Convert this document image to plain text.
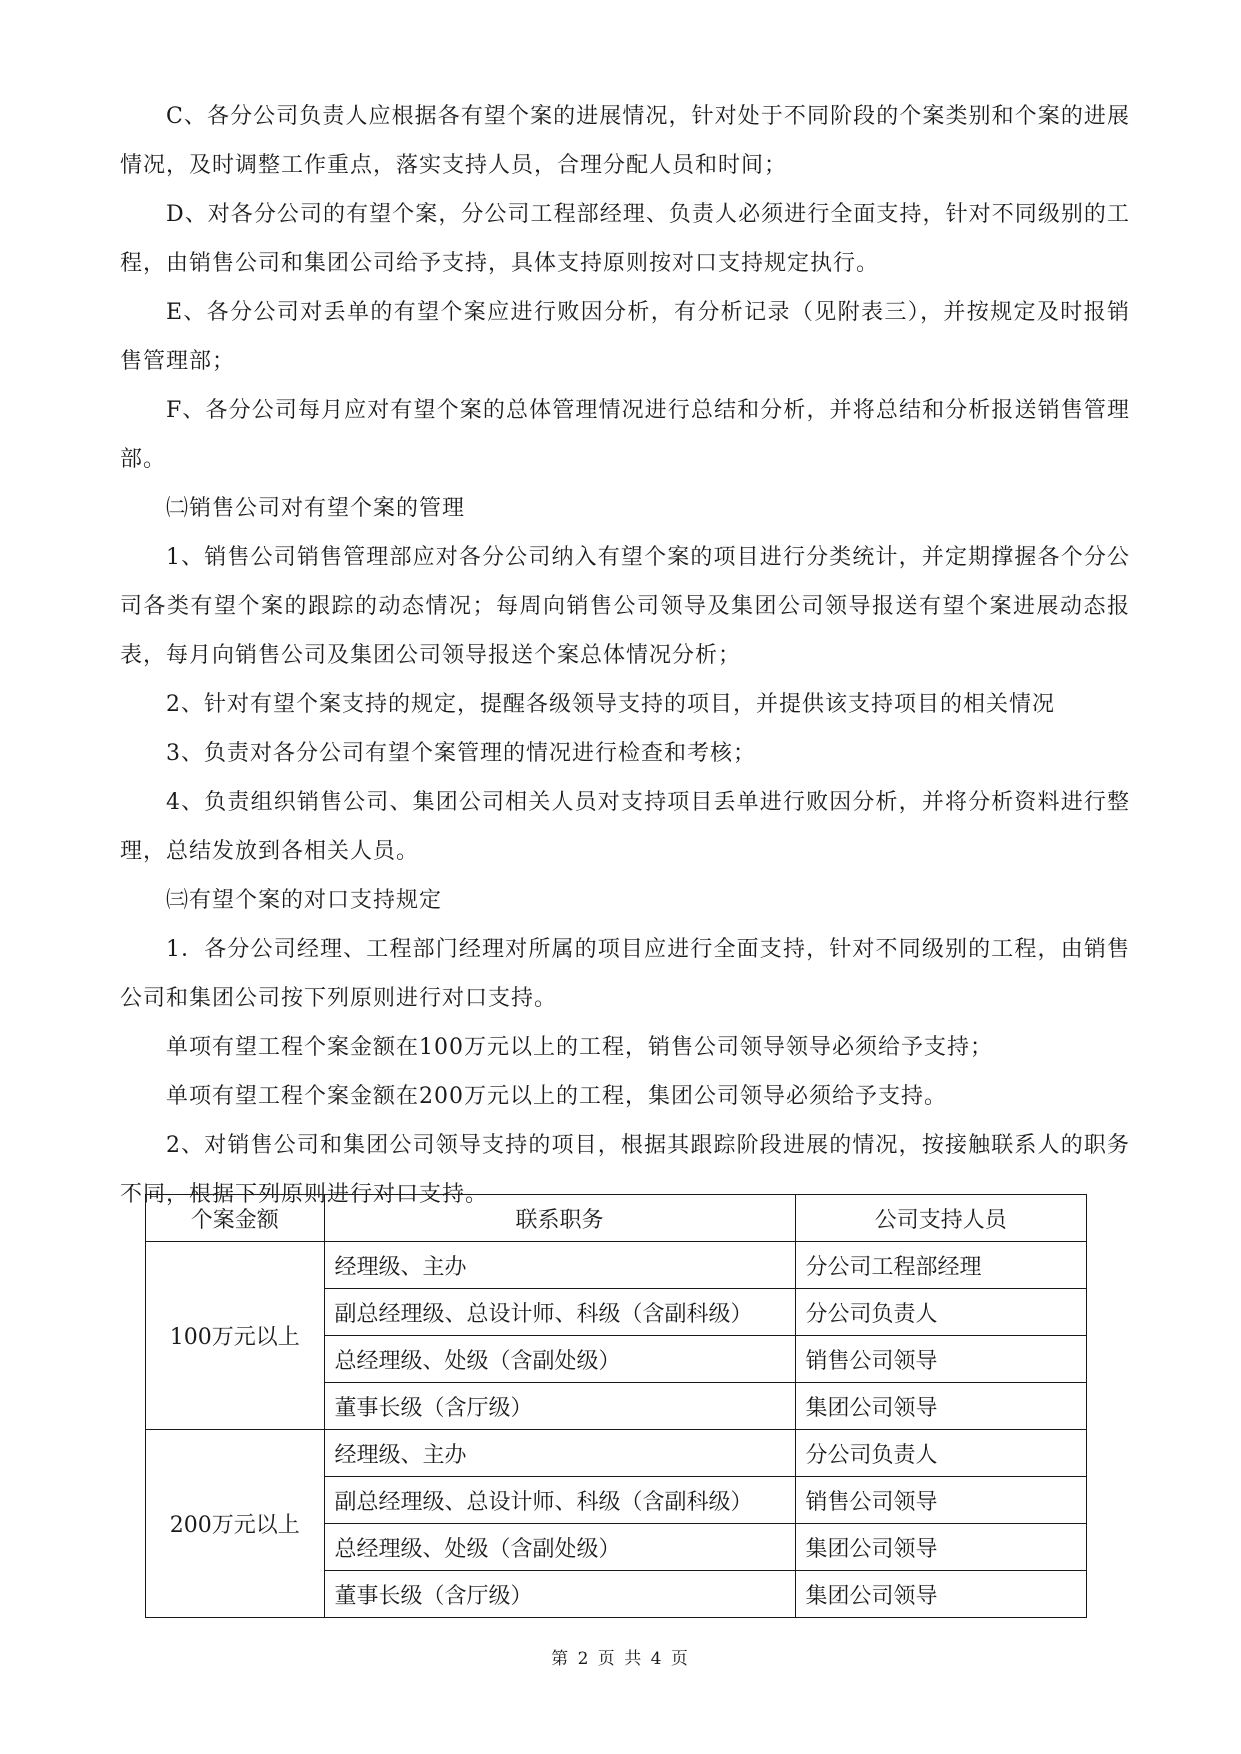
C、各分公司负责人应根据各有望个案的进展情况，针对处于不同阶段的个案类别和个案的进展情况，及时调整工作重点，落实支持人员，合理分配人员和时间；

D、对各分公司的有望个案，分公司工程部经理、负责人必须进行全面支持，针对不同级别的工程，由销售公司和集团公司给予支持，具体支持原则按对口支持规定执行。

E、各分公司对丢单的有望个案应进行败因分析，有分析记录（见附表三），并按规定及时报销售管理部；

F、各分公司每月应对有望个案的总体管理情况进行总结和分析，并将总结和分析报送销售管理部。

㈡销售公司对有望个案的管理

1、销售公司销售管理部应对各分公司纳入有望个案的项目进行分类统计，并定期撑握各个分公司各类有望个案的跟踪的动态情况；每周向销售公司领导及集团公司领导报送有望个案进展动态报表，每月向销售公司及集团公司领导报送个案总体情况分析；

2、针对有望个案支持的规定，提醒各级领导支持的项目，并提供该支持项目的相关情况

3、负责对各分公司有望个案管理的情况进行检查和考核；

4、负责组织销售公司、集团公司相关人员对支持项目丢单进行败因分析，并将分析资料进行整理，总结发放到各相关人员。

㈢有望个案的对口支持规定

1．各分公司经理、工程部门经理对所属的项目应进行全面支持，针对不同级别的工程，由销售公司和集团公司按下列原则进行对口支持。

单项有望工程个案金额在100万元以上的工程，销售公司领导领导必须给予支持；

单项有望工程个案金额在200万元以上的工程，集团公司领导必须给予支持。

2、对销售公司和集团公司领导支持的项目，根据其跟踪阶段进展的情况，按接触联系人的职务不同，根据下列原则进行对口支持。

个案金额	联系职务	公司支持人员
100万元以上	经理级、主办	分公司工程部经理
	副总经理级、总设计师、科级（含副科级）	分公司负责人
	总经理级、处级（含副处级）	销售公司领导
	董事长级（含厅级）	集团公司领导
200万元以上	经理级、主办	分公司负责人
	副总经理级、总设计师、科级（含副科级）	销售公司领导
	总经理级、处级（含副处级）	集团公司领导
	董事长级（含厅级）	集团公司领导
第 2 页 共 4 页
